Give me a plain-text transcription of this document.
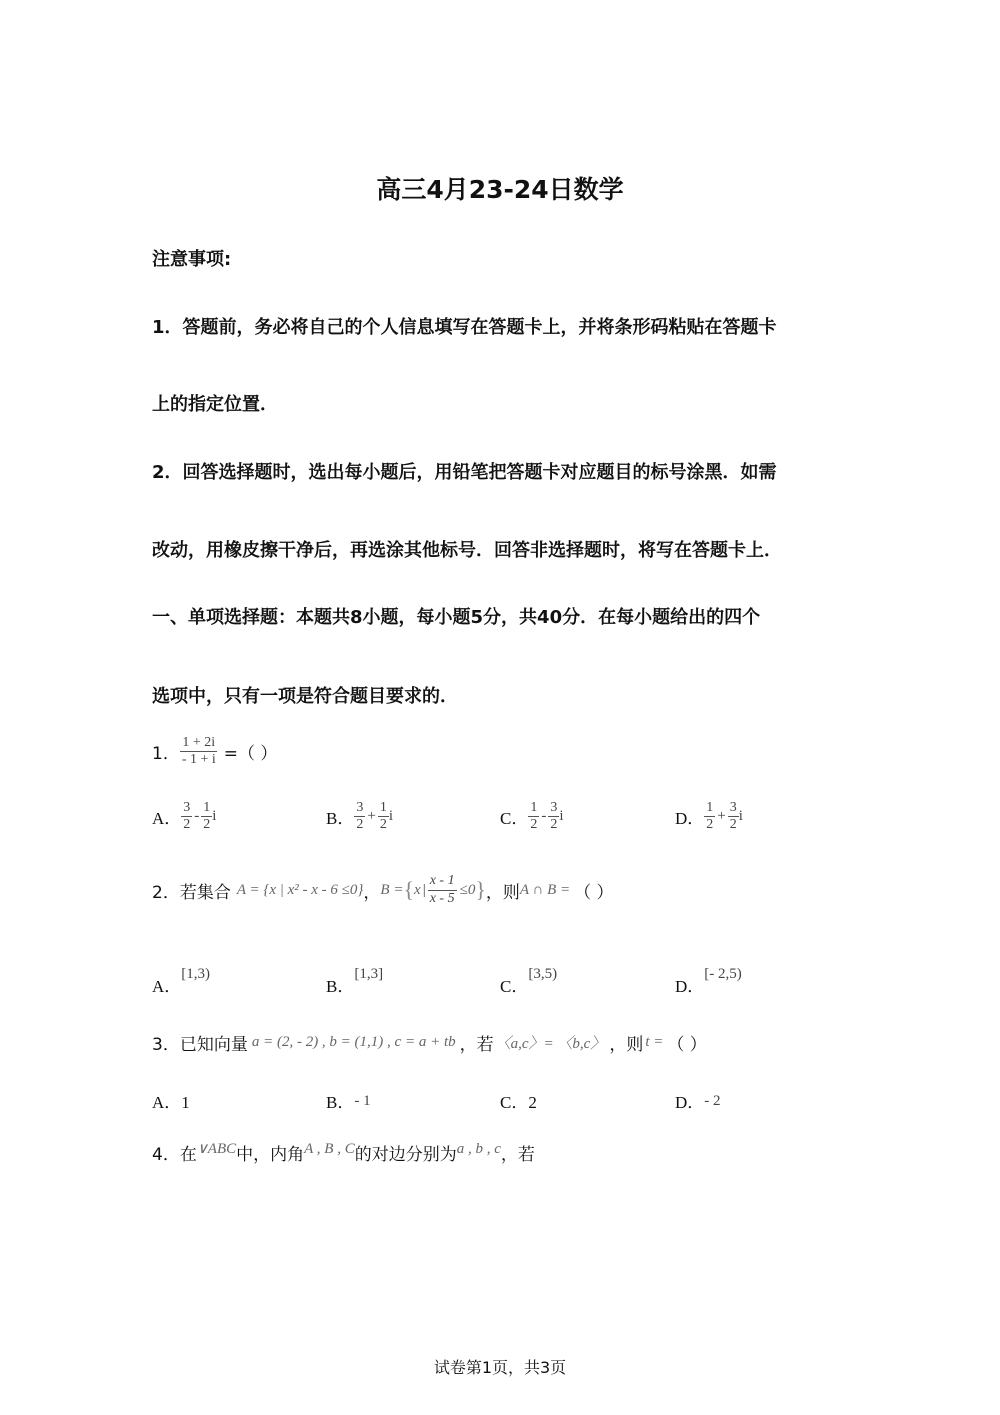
高三4月23-24日数学
注意事项:
1．答题前，务必将自己的个人信息填写在答题卡上，并将条形码粘贴在答题卡
上的指定位置．
2．回答选择题时，选出每小题后，用铅笔把答题卡对应题目的标号涂黑．如需
改动，用橡皮擦干净后，再选涂其他标号．回答非选择题时，将写在答题卡上．
一、单项选择题：本题共8小题，每小题5分，共40分．在每小题给出的四个
选项中，只有一项是符合题目要求的．
1． $\frac{1 + 2i}{- 1 + i}$ =（ ）
A． $\frac{3}{2} - \frac{1}{2}$ i	B． $\frac{3}{2} + \frac{1}{2}$ i	C． $\frac{1}{2} - \frac{3}{2}$ i	D． $\frac{1}{2} + \frac{3}{2}$ i
2．若集合 A = {x | x² - x - 6 ≤0} ， B = { x | $\frac{x - 1}{x - 5} \le 0$ } ，则 A ∩ B = （ ）
A．[1,3)
B．[1,3]
C．[3,5)
D．[- 2,5)
3．已知向量 a = (2, - 2) , b = (1,1) , c = a + tb ，若 〈a,c〉= 〈b,c〉 ，则 t = （ ）
A．1	B．- 1	C．2	D．- 2
4．在 ∨ABC 中，内角 A , B , C 的对边分别为 a , b , c ，若
试卷第1页，共3页
